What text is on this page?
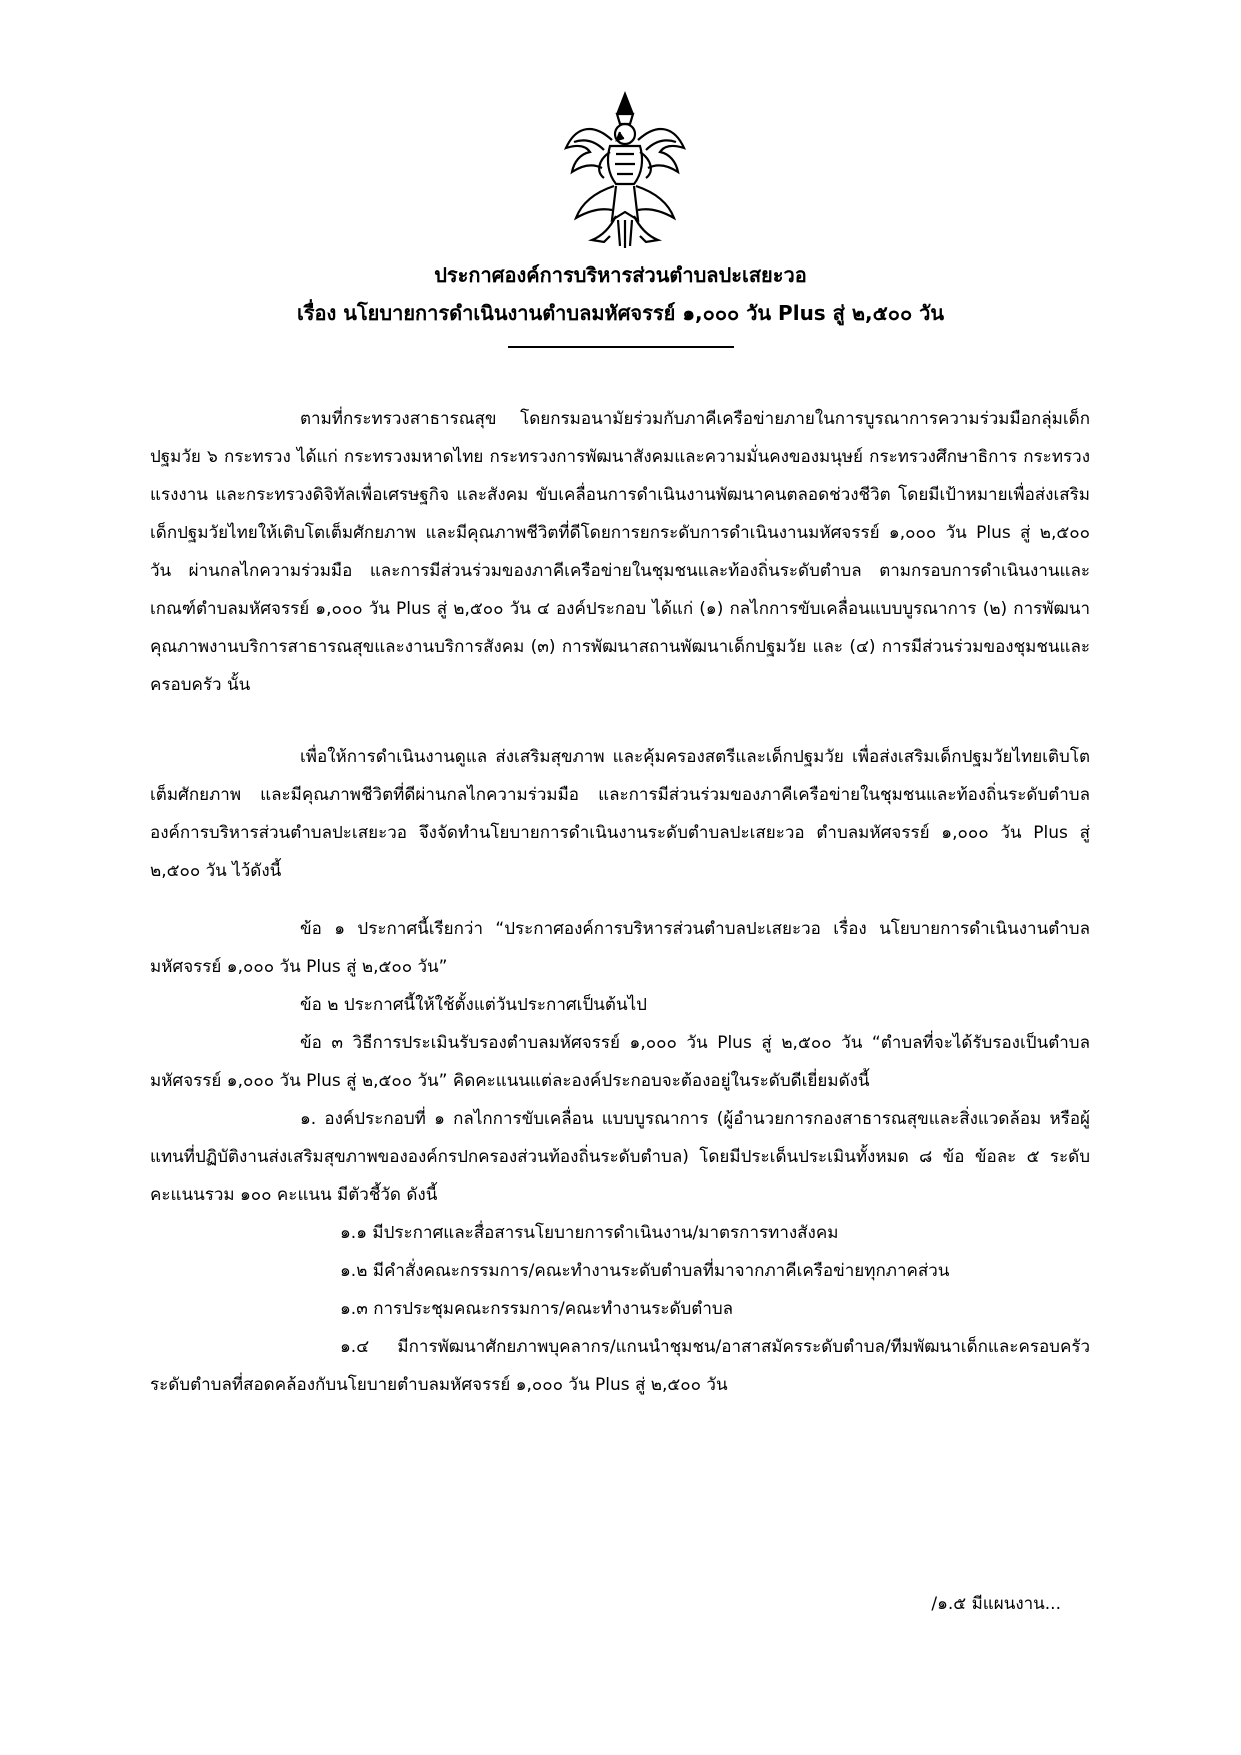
ประกาศองค์การบริหารส่วนตำบลปะเสยะวอ
เรื่อง นโยบายการดำเนินงานตำบลมหัศจรรย์ ๑,๐๐๐ วัน Plus สู่ ๒,๕๐๐ วัน

ตามที่กระทรวงสาธารณสุข โดยกรมอนามัยร่วมกับภาคีเครือข่ายภายในการบูรณาการความร่วมมือกลุ่มเด็กปฐมวัย ๖ กระทรวง ได้แก่ กระทรวงมหาดไทย กระทรวงการพัฒนาสังคมและความมั่นคงของมนุษย์ กระทรวงศึกษาธิการ กระทรวงแรงงาน และกระทรวงดิจิทัลเพื่อเศรษฐกิจ และสังคม ขับเคลื่อนการดำเนินงานพัฒนาคนตลอดช่วงชีวิต โดยมีเป้าหมายเพื่อส่งเสริมเด็กปฐมวัยไทยให้เติบโตเต็มศักยภาพ และมีคุณภาพชีวิตที่ดีโดยการยกระดับการดำเนินงานมหัศจรรย์ ๑,๐๐๐ วัน Plus สู่ ๒,๕๐๐ วัน ผ่านกลไกความร่วมมือ และการมีส่วนร่วมของภาคีเครือข่ายในชุมชนและท้องถิ่นระดับตำบล ตามกรอบการดำเนินงานและเกณฑ์ตำบลมหัศจรรย์ ๑,๐๐๐ วัน Plus สู่ ๒,๕๐๐ วัน ๔ องค์ประกอบ ได้แก่ (๑) กลไกการขับเคลื่อนแบบบูรณาการ (๒) การพัฒนาคุณภาพงานบริการสาธารณสุขและงานบริการสังคม (๓) การพัฒนาสถานพัฒนาเด็กปฐมวัย และ (๔) การมีส่วนร่วมของชุมชนและครอบครัว นั้น

เพื่อให้การดำเนินงานดูแล ส่งเสริมสุขภาพ และคุ้มครองสตรีและเด็กปฐมวัย เพื่อส่งเสริมเด็กปฐมวัยไทยเติบโตเต็มศักยภาพ และมีคุณภาพชีวิตที่ดีผ่านกลไกความร่วมมือ และการมีส่วนร่วมของภาคีเครือข่ายในชุมชนและท้องถิ่นระดับตำบล องค์การบริหารส่วนตำบลปะเสยะวอ จึงจัดทำนโยบายการดำเนินงานระดับตำบลปะเสยะวอ ตำบลมหัศจรรย์ ๑,๐๐๐ วัน Plus สู่ ๒,๕๐๐ วัน ไว้ดังนี้

ข้อ ๑ ประกาศนี้เรียกว่า “ประกาศองค์การบริหารส่วนตำบลปะเสยะวอ เรื่อง นโยบายการดำเนินงานตำบลมหัศจรรย์ ๑,๐๐๐ วัน Plus สู่ ๒,๕๐๐ วัน”

ข้อ ๒ ประกาศนี้ให้ใช้ตั้งแต่วันประกาศเป็นต้นไป

ข้อ ๓ วิธีการประเมินรับรองตำบลมหัศจรรย์ ๑,๐๐๐ วัน Plus สู่ ๒,๕๐๐ วัน “ตำบลที่จะได้รับรองเป็นตำบลมหัศจรรย์ ๑,๐๐๐ วัน Plus สู่ ๒,๕๐๐ วัน” คิดคะแนนแต่ละองค์ประกอบจะต้องอยู่ในระดับดีเยี่ยมดังนี้

๑. องค์ประกอบที่ ๑ กลไกการขับเคลื่อน แบบบูรณาการ (ผู้อำนวยการกองสาธารณสุขและสิ่งแวดล้อม หรือผู้แทนที่ปฏิบัติงานส่งเสริมสุขภาพขององค์กรปกครองส่วนท้องถิ่นระดับตำบล) โดยมีประเด็นประเมินทั้งหมด ๘ ข้อ ข้อละ ๕ ระดับ คะแนนรวม ๑๐๐ คะแนน มีตัวชี้วัด ดังนี้

๑.๑ มีประกาศและสื่อสารนโยบายการดำเนินงาน/มาตรการทางสังคม

๑.๒ มีคำสั่งคณะกรรมการ/คณะทำงานระดับตำบลที่มาจากภาคีเครือข่ายทุกภาคส่วน

๑.๓ การประชุมคณะกรรมการ/คณะทำงานระดับตำบล

๑.๔ มีการพัฒนาศักยภาพบุคลากร/แกนนำชุมชน/อาสาสมัครระดับตำบล/ทีมพัฒนาเด็กและครอบครัวระดับตำบลที่สอดคล้องกับนโยบายตำบลมหัศจรรย์ ๑,๐๐๐ วัน Plus สู่ ๒,๕๐๐ วัน

/๑.๕ มีแผนงาน...
